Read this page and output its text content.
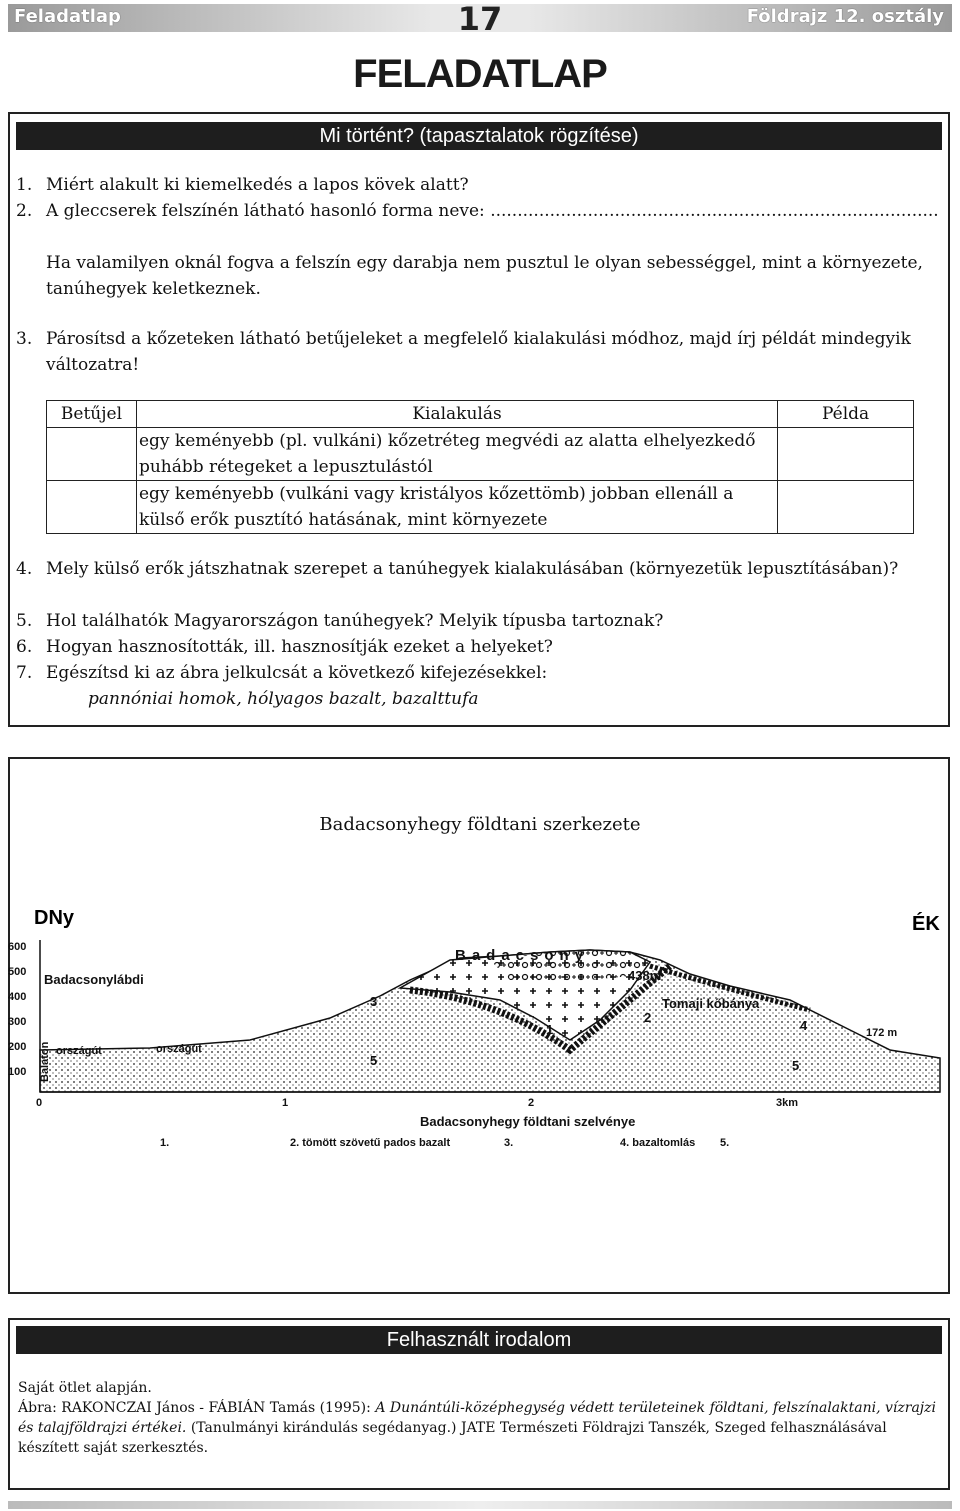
Feladatlap	17	Földrajz 12. osztály
FELADATLAP
Mi történt? (tapasztalatok rögzítése)
1. Miért alakult ki kiemelkedés a lapos kövek alatt?
2. A gleccserek felszínén látható hasonló forma neve: ...................................................................................
Ha valamilyen oknál fogva a felszín egy darabja nem pusztul le olyan sebességgel, mint a környezete, tanúhegyek keletkeznek.
3. Párosítsd a kőzeteken látható betűjeleket a megfelelő kialakulási módhoz, majd írj példát mindegyik változatra!
Betűjel	Kialakulás	Példa
	egy keményebb (pl. vulkáni) kőzetréteg megvédi az alatta elhelyezkedő puhább rétegeket a lepusztulástól	
	egy keményebb (vulkáni vagy kristályos kőzettömb) jobban ellenáll a külső erők pusztító hatásának, mint környezete	
4. Mely külső erők játszhatnak szerepet a tanúhegyek kialakulásában (környezetük lepusztításában)?
5. Hol találhatók Magyarországon tanúhegyek? Melyik típusba tartoznak?
6. Hogyan hasznosították, ill. hasznosítják ezeket a helyeket?
7. Egészítsd ki az ábra jelkulcsát a következő kifejezésekkel:
pannóniai homok, hólyagos bazalt, bazalttufa
Badacsonyhegy földtani szerkezete
600
500
400
300
200
100
0	1	2	3km
DNy	ÉK
Badacsonylábdi
Badacsony
438m
Tomaji kőbánya
172 m
országút	országút
3
4
5	5
1
2
Balaton
Badacsonyhegy földtani szelvénye
1.	2. tömött szövetű pados bazalt	3.	4. bazaltomlás 5.
Felhasznált irodalom
Saját ötlet alapján.
Ábra: RAKONCZAI János - FÁBIÁN Tamás (1995): A Dunántúli-középhegység védett területeinek földtani, felszínalaktani, vízrajzi és talajföldrajzi értékei. (Tanulmányi kirándulás segédanyag.) JATE Természeti Földrajzi Tanszék, Szeged felhasználásával készített saját szerkesztés.
